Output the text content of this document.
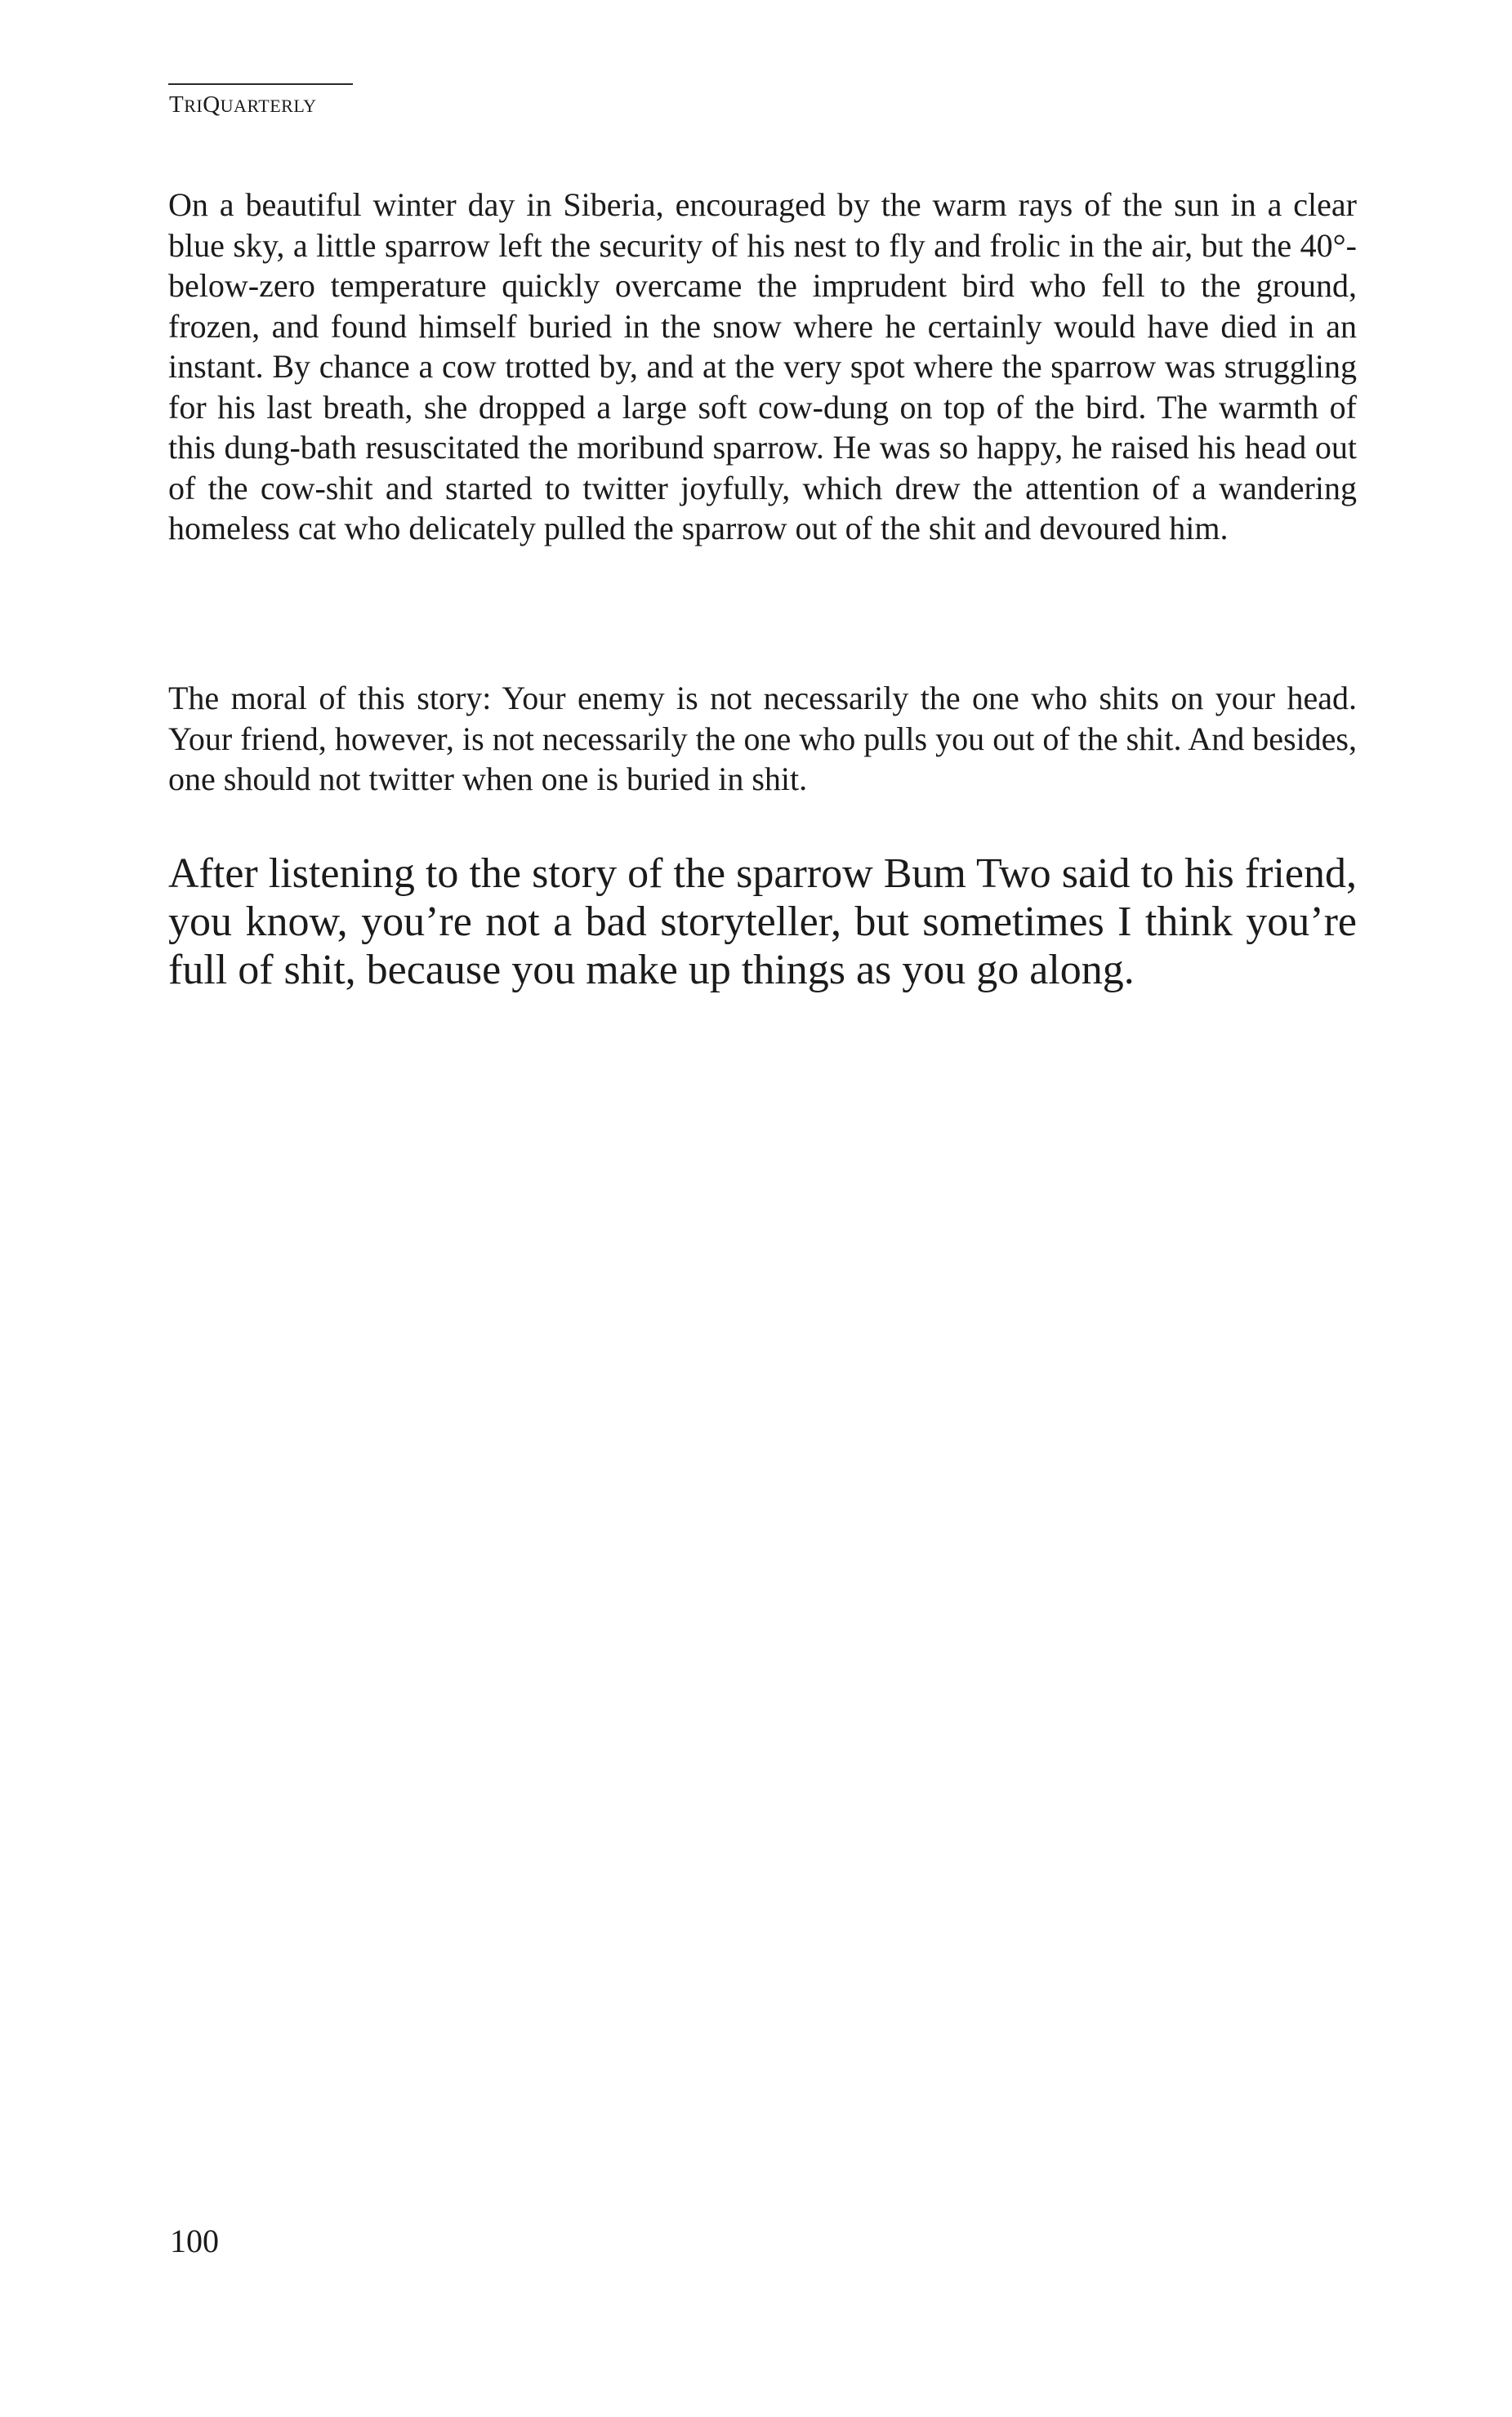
TRIQUARTERLY

On a beautiful winter day in Siberia, encouraged by the warm rays of the sun in a clear blue sky, a little sparrow left the security of his nest to fly and frolic in the air, but the 40°-below-zero temperature quickly overcame the imprudent bird who fell to the ground, frozen, and found himself buried in the snow where he certainly would have died in an instant. By chance a cow trotted by, and at the very spot where the sparrow was struggling for his last breath, she dropped a large soft cow-dung on top of the bird. The warmth of this dung-bath resuscitated the moribund sparrow. He was so happy, he raised his head out of the cow-shit and started to twitter joyfully, which drew the attention of a wandering homeless cat who delicately pulled the sparrow out of the shit and devoured him.

The moral of this story: Your enemy is not necessarily the one who shits on your head. Your friend, however, is not necessarily the one who pulls you out of the shit. And besides, one should not twitter when one is buried in shit.

After listening to the story of the sparrow Bum Two said to his friend, you know, you’re not a bad storyteller, but sometimes I think you’re full of shit, because you make up things as you go along.

100
